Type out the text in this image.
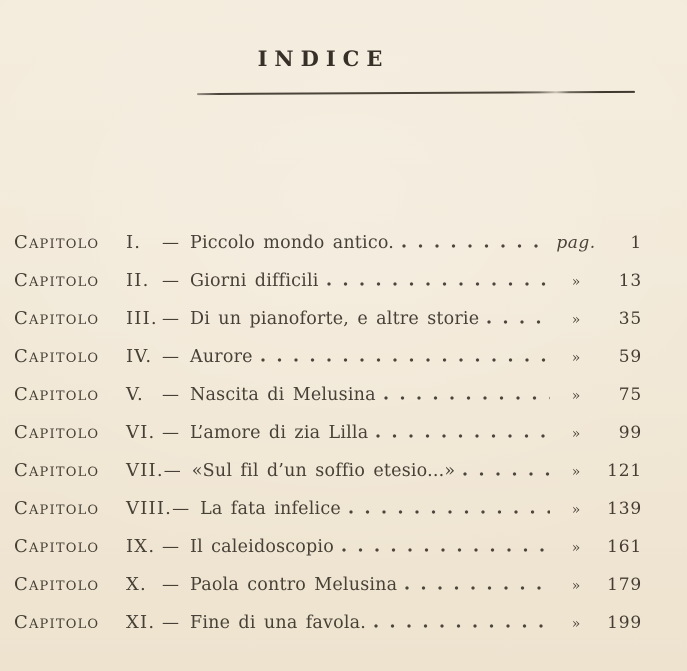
INDICE
Capitolo I.	— Piccolo mondo antico.	pag.	1
Capitolo II. — Giorni difficili	»	13
Capitolo III. — Di un pianoforte, e altre storie	»	35
Capitolo IV. — Aurore	»	59
Capitolo V.	— Nascita di Melusina	»	75
Capitolo VI. — L’amore di zia Lilla	»	99
Capitolo VII. — «Sul fil d’un soffio etesio...»	»	121
Capitolo VIII. — La fata infelice	»	139
Capitolo IX. — Il caleidoscopio	»	161
Capitolo X. — Paola contro Melusina	»	179
Capitolo XI. — Fine di una favola.	»	199
